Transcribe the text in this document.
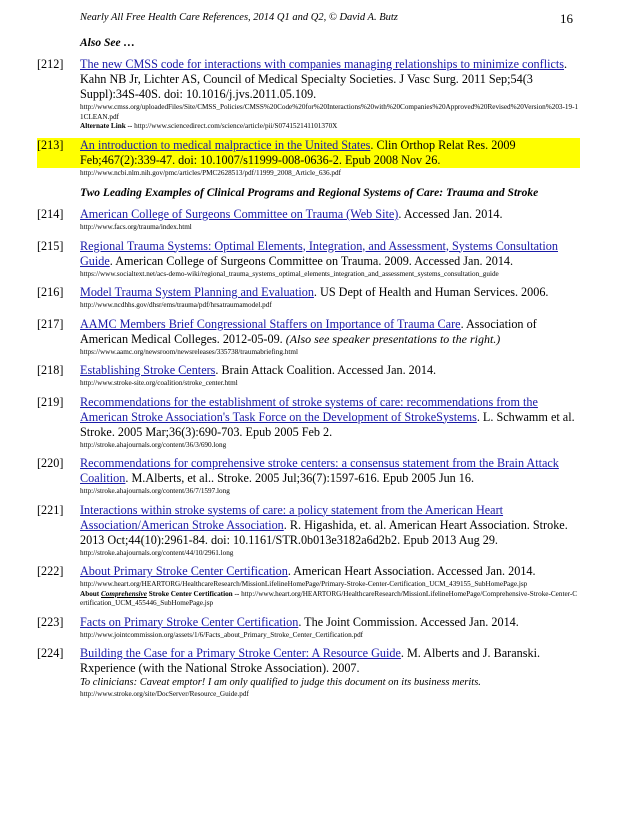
Nearly All Free Health Care References, 2014 Q1 and Q2, © David A. Butz	16
Also See …
[212] The new CMSS code for interactions with companies managing relationships to minimize conflicts. Kahn NB Jr, Lichter AS, Council of Medical Specialty Societies. J Vasc Surg. 2011 Sep;54(3 Suppl):34S-40S. doi: 10.1016/j.jvs.2011.05.109.
http://www.cmss.org/uploadedFiles/Site/CMSS_Policies/CMSS%20Code%20for%20Interactions%20with%20Companies%20Approved%20Revised%20Version%203-19-11CLEAN.pdf
Alternate Link -- http://www.sciencedirect.com/science/article/pii/S074152141101370X
[213]	An introduction to medical malpractice in the United States. Clin Orthop Relat Res. 2009 Feb;467(2):339-47. doi: 10.1007/s11999-008-0636-2. Epub 2008 Nov 26.
http://www.ncbi.nlm.nih.gov/pmc/articles/PMC2628513/pdf/11999_2008_Article_636.pdf
Two Leading Examples of Clinical Programs and Regional Systems of Care: Trauma and Stroke
[214] American College of Surgeons Committee on Trauma (Web Site). Accessed Jan. 2014.
http://www.facs.org/trauma/index.html
[215] Regional Trauma Systems: Optimal Elements, Integration, and Assessment, Systems Consultation Guide. American College of Surgeons Committee on Trauma. 2009. Accessed Jan. 2014.
https://www.socialtext.net/acs-demo-wiki/regional_trauma_systems_optimal_elements_integration_and_assessment_systems_consultation_guide
[216] Model Trauma System Planning and Evaluation. US Dept of Health and Human Services. 2006.
http://www.ncdhhs.gov/dhsr/ems/trauma/pdf/hrsatraumamodel.pdf
[217] AAMC Members Brief Congressional Staffers on Importance of Trauma Care. Association of American Medical Colleges. 2012-05-09. (Also see speaker presentations to the right.)
https://www.aamc.org/newsroom/newsreleases/335738/traumabriefing.html
[218] Establishing Stroke Centers. Brain Attack Coalition. Accessed Jan. 2014.
http://www.stroke-site.org/coalition/stroke_center.html
[219] Recommendations for the establishment of stroke systems of care: recommendations from the American Stroke Association's Task Force on the Development of StrokeSystems. L. Schwamm et al. Stroke. 2005 Mar;36(3):690-703. Epub 2005 Feb 2.
http://stroke.ahajournals.org/content/36/3/690.long
[220] Recommendations for comprehensive stroke centers: a consensus statement from the Brain Attack Coalition. M.Alberts, et al.. Stroke. 2005 Jul;36(7):1597-616. Epub 2005 Jun 16.
http://stroke.ahajournals.org/content/36/7/1597.long
[221] Interactions within stroke systems of care: a policy statement from the American Heart Association/American Stroke Association. R. Higashida, et. al. American Heart Association. Stroke. 2013 Oct;44(10):2961-84. doi: 10.1161/STR.0b013e3182a6d2b2. Epub 2013 Aug 29.
http://stroke.ahajournals.org/content/44/10/2961.long
[222] About Primary Stroke Center Certification. American Heart Association. Accessed Jan. 2014.
http://www.heart.org/HEARTORG/HealthcareResearch/MissionLifelineHomePage/Primary-Stroke-Center-Certification_UCM_439155_SubHomePage.jsp
About Comprehensive Stroke Center Certification -- http://www.heart.org/HEARTORG/HealthcareResearch/MissionLifelineHomePage/Comprehensive-Stroke-Center-Certification_UCM_455446_SubHomePage.jsp
[223] Facts on Primary Stroke Center Certification. The Joint Commission. Accessed Jan. 2014.
http://www.jointcommission.org/assets/1/6/Facts_about_Primary_Stroke_Center_Certification.pdf
[224] Building the Case for a Primary Stroke Center: A Resource Guide. M. Alberts and J. Baranski. Rxperience (with the National Stroke Association). 2007.
To clinicians: Caveat emptor! I am only qualified to judge this document on its business merits.
http://www.stroke.org/site/DocServer/Resource_Guide.pdf
